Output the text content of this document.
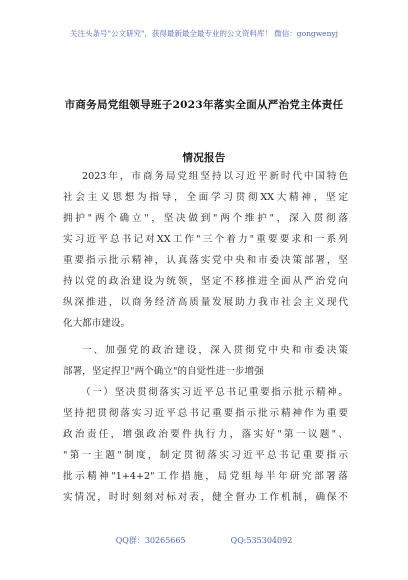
关注头条号"公文研究"，获得最新最全最专业的公文资料库！ 微信：gongwenyj
市商务局党组领导班子2023年落实全面从严治党主体责任
情况报告
2023年，市商务局党组坚持以习近平新时代中国特色
社会主义思想为指导，全面学习贯彻XX大精神，坚定
拥护"两个确立"，坚决做到"两个维护"，深入贯彻落
实习近平总书记对XX工作"三个着力"重要要求和一系列
重要指示批示精神，认真落实党中央和市委决策部署，坚
持以党的政治建设为统领，坚定不移推进全面从严治党向
纵深推进，以商务经济高质量发展助力我市社会主义现代
化大都市建设。
一、加强党的政治建设，深入贯彻党中央和市委决策
部署，坚定捍卫"两个确立"的自觉性进一步增强
（一）坚决贯彻落实习近平总书记重要指示批示精神。
坚持把贯彻落实习近平总书记重要指示批示精神作为重要
政治责任，增强政治要件执行力，落实好"第一议题"、
"第一主题"制度，制定贯彻落实习近平总书记重要指示
批示精神"1+4+2"工作措施，局党组每半年研究部署落
实情况，时时刻刻对标对表，健全督办工作机制，确保不
QQ群：30265665	QQ:535304092
